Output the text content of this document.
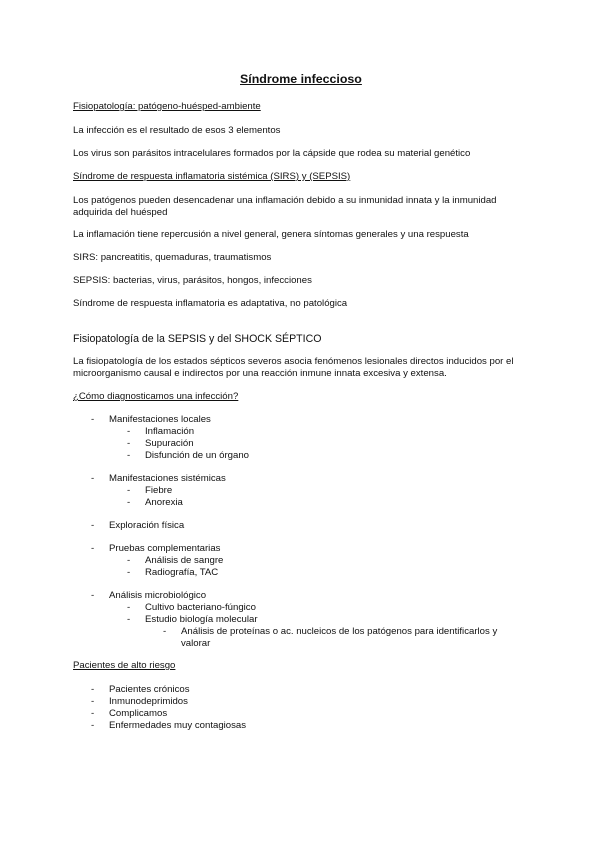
Síndrome infeccioso
Fisiopatología: patógeno-huésped-ambiente
La infección es el resultado de esos 3 elementos
Los virus son parásitos intracelulares formados por la cápside que rodea su material genético
Síndrome de respuesta inflamatoria sistémica (SIRS) y (SEPSIS)
Los patógenos pueden desencadenar una inflamación debido a su inmunidad innata y la inmunidad adquirida del huésped
La inflamación tiene repercusión a nivel general, genera síntomas generales y una respuesta
SIRS: pancreatitis, quemaduras, traumatismos
SEPSIS: bacterias, virus, parásitos, hongos, infecciones
Síndrome de respuesta inflamatoria es adaptativa, no patológica
Fisiopatología de la SEPSIS y del SHOCK SÉPTICO
La fisiopatología de los estados sépticos severos asocia fenómenos lesionales directos inducidos por el microorganismo causal e indirectos por una reacción inmune innata excesiva y extensa.
¿Cómo diagnosticamos una infección?
- Manifestaciones locales
- Inflamación
- Supuración
- Disfunción de un órgano
- Manifestaciones sistémicas
- Fiebre
- Anorexia
- Exploración física
- Pruebas complementarias
- Análisis de sangre
- Radiografía, TAC
- Análisis microbiológico
- Cultivo bacteriano-fúngico
- Estudio biología molecular
- Análisis de proteínas o ac. nucleicos de los patógenos para identificarlos y valorar
Pacientes de alto riesgo
- Pacientes crónicos
- Inmunodeprimidos
- Complicamos
- Enfermedades muy contagiosas
